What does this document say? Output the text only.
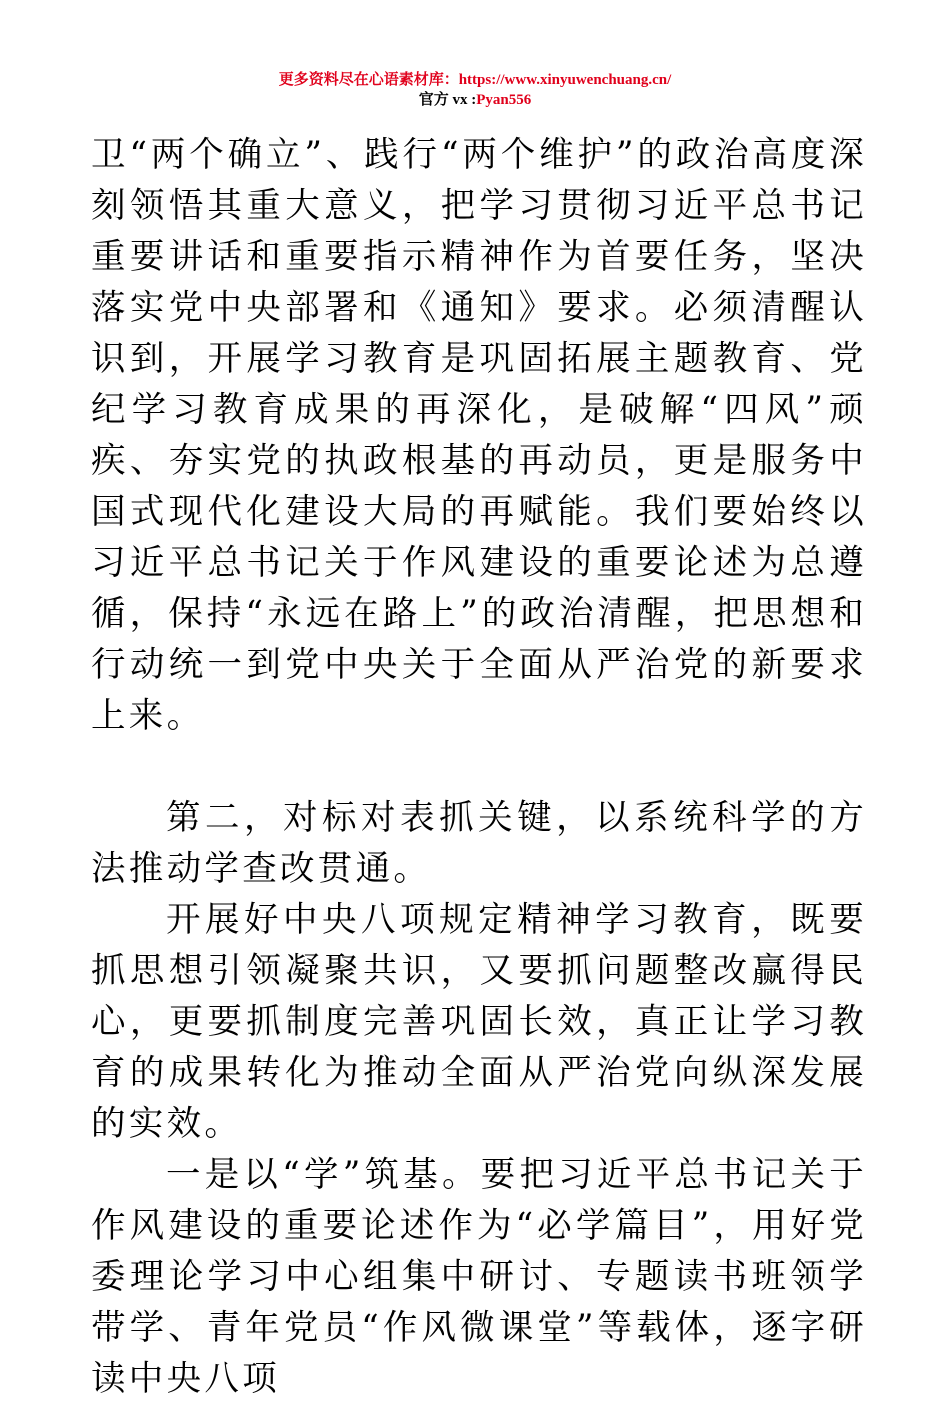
更多资料尽在心语素材库：https://www.xinyuwenchuang.cn/
官方 vx :Pyan556

卫“两个确立”、践行“两个维护”的政治高度深刻领悟其重大意义，把学习贯彻习近平总书记重要讲话和重要指示精神作为首要任务，坚决落实党中央部署和《通知》要求。必须清醒认识到，开展学习教育是巩固拓展主题教育、党纪学习教育成果的再深化，是破解“四风”顽疾、夯实党的执政根基的再动员，更是服务中国式现代化建设大局的再赋能。我们要始终以习近平总书记关于作风建设的重要论述为总遵循，保持“永远在路上”的政治清醒，把思想和行动统一到党中央关于全面从严治党的新要求上来。

第二，对标对表抓关键，以系统科学的方法推动学查改贯通。

开展好中央八项规定精神学习教育，既要抓思想引领凝聚共识，又要抓问题整改赢得民心，更要抓制度完善巩固长效，真正让学习教育的成果转化为推动全面从严治党向纵深发展的实效。

一是以“学”筑基。要把习近平总书记关于作风建设的重要论述作为“必学篇目”，用好党委理论学习中心组集中研讨、专题读书班领学带学、青年党员“作风微课堂”等载体，逐字研读中央八项
